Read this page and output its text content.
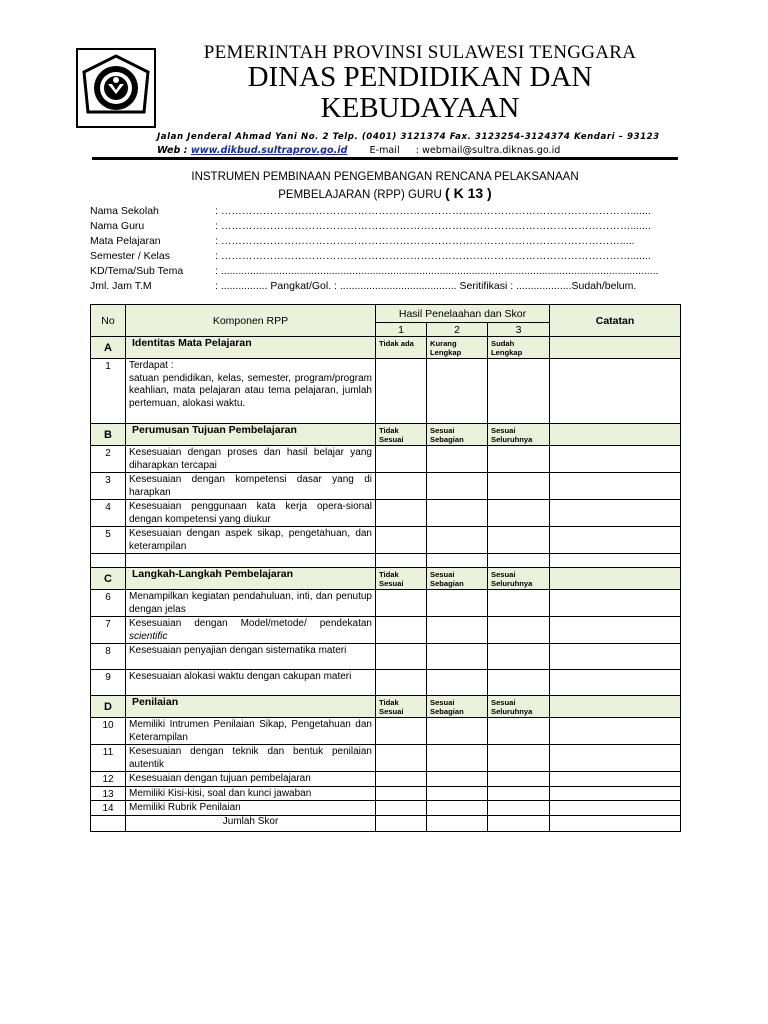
PEMERINTAH PROVINSI SULAWESI TENGGARA
DINAS PENDIDIKAN DAN
KEBUDAYAAN
Jalan Jenderal Ahmad Yani No. 2 Telp. (0401) 3121374 Fax. 3123254-3124374 Kendari – 93123
Web : www.dikbud.sultraprov.go.id E-mail : webmail@sultra.diknas.go.id
INSTRUMEN PEMBINAAN PENGEMBANGAN RENCANA PELAKSANAAN
PEMBELAJARAN (RPP) GURU ( K 13 )
Nama Sekolah	: ……………………………………………………………………………………………………….......
Nama Guru	: ……………………………………………………………………………………………………….......
Mata Pelajaran	: …………………………………………………………………………………………………….....
Semester / Kelas	: ……………………………………………………………………………………………………….......
KD/Tema/Sub Tema	: ......................................................................................................................................................
Jml. Jam T.M	: ................ Pangkat/Gol. : ........................................ Seritifikasi : ...................Sudah/belum.
No	Komponen RPP	Hasil Penelaahan dan Skor			Catatan
		1	2	3	
A	Identitas Mata Pelajaran	Tidak ada	Kurang Lengkap	Sudah Lengkap	
1	Terdapat :
satuan pendidikan, kelas, semester, program/program keahlian, mata pelajaran atau tema pelajaran, jumlah pertemuan, alokasi waktu.				

B	Perumusan Tujuan Pembelajaran	Tidak Sesuai	Sesuai Sebagian	Sesuai Seluruhnya	
2	Kesesuaian dengan proses dan hasil belajar yang diharapkan tercapai				
3	Kesesuaian dengan kompetensi dasar yang di harapkan				
4	Kesesuaian penggunaan kata kerja opera-sional dengan kompetensi yang diukur				
5	Kesesuaian dengan aspek sikap, pengetahuan, dan keterampilan				

C	Langkah-Langkah Pembelajaran	Tidak Sesuai	Sesuai Sebagian	Sesuai Seluruhnya	
6	Menampilkan kegiatan pendahuluan, inti, dan penutup dengan jelas				
7	Kesesuaian dengan Model/metode/ pendekatan scientific				
8	Kesesuaian penyajian dengan sistematika materi				
9	Kesesuaian alokasi waktu dengan cakupan materi				
D	Penilaian	Tidak Sesuai	Sesuai Sebagian	Sesuai Seluruhnya	
10	Memiliki Intrumen Penilaian Sikap, Pengetahuan dan Keterampilan				
11	Kesesuaian dengan teknik dan bentuk penilaian autentik				
12	Kesesuaian dengan tujuan pembelajaran				
13	Memiliki Kisi-kisi, soal dan kunci jawaban				
14	Memiliki Rubrik Penilaian				
	Jumlah Skor				
